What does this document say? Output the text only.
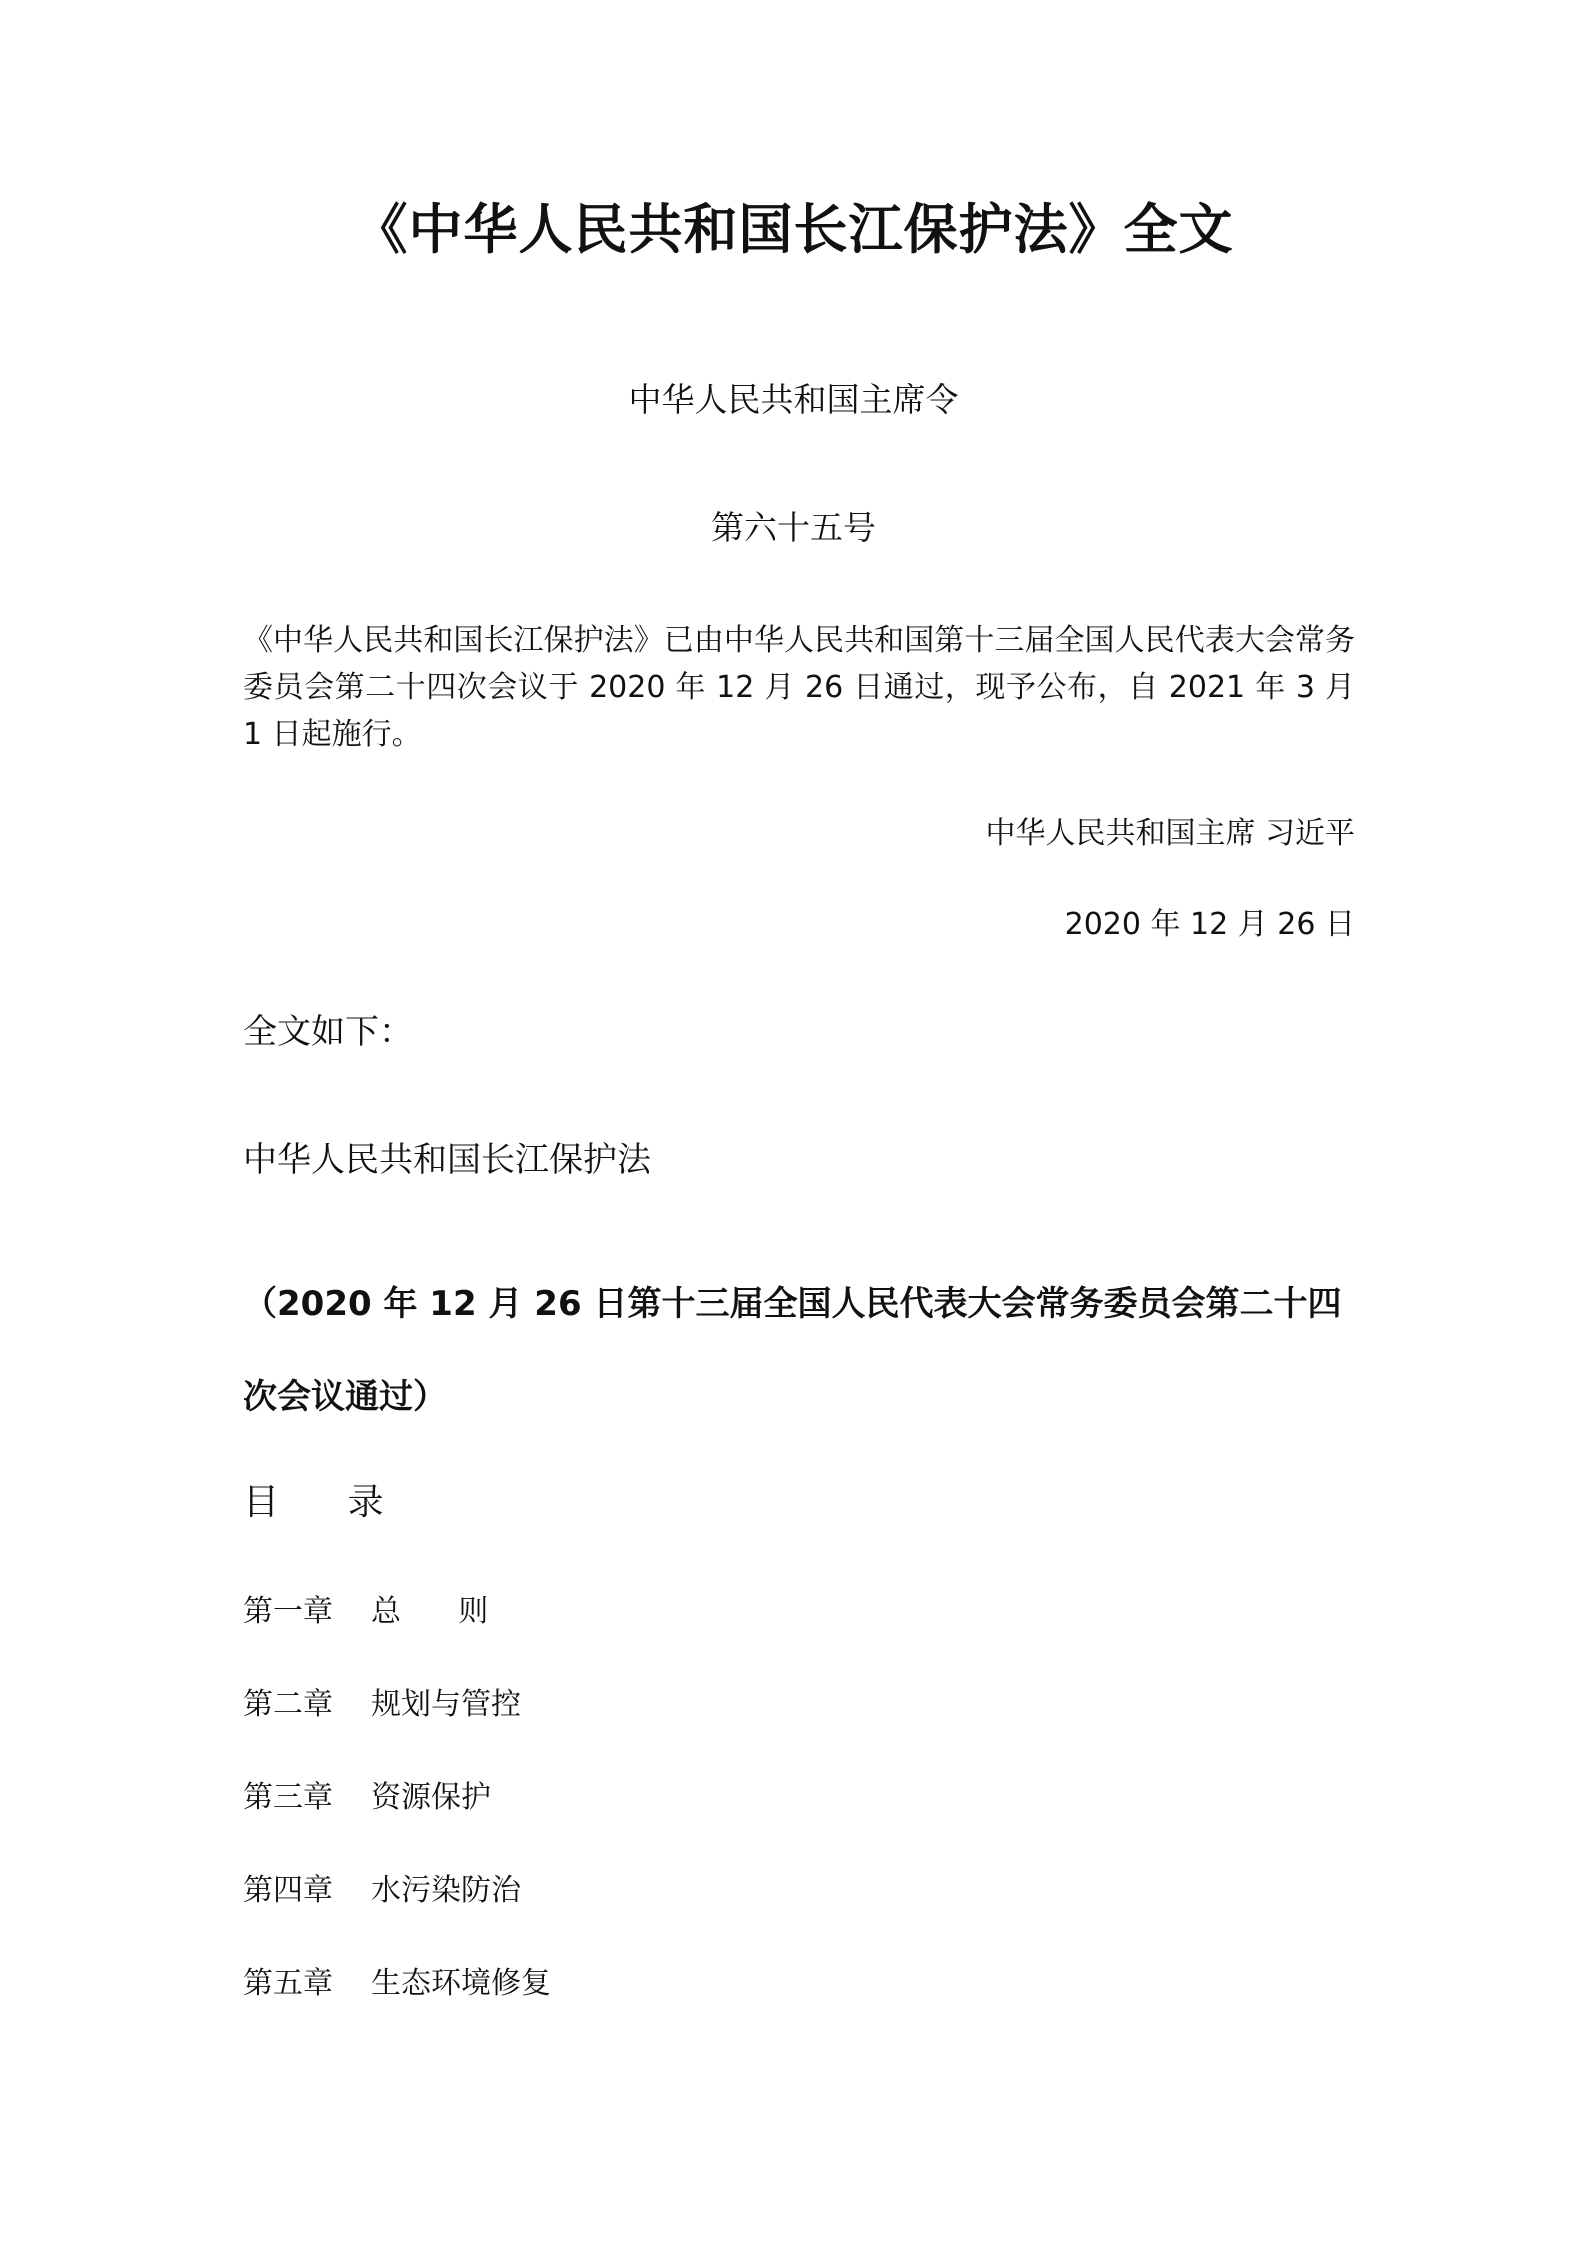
《中华人民共和国长江保护法》全文
中华人民共和国主席令
第六十五号
《中华人民共和国长江保护法》已由中华人民共和国第十三届全国人民代表大会常务委员会第二十四次会议于 2020 年 12 月 26 日通过，现予公布，自 2021 年 3 月 1 日起施行。
中华人民共和国主席 习近平
2020 年 12 月 26 日
全文如下：
中华人民共和国长江保护法
（2020 年 12 月 26 日第十三届全国人民代表大会常务委员会第二十四次会议通过）
目      录
第一章 总      则
第二章 规划与管控
第三章 资源保护
第四章 水污染防治
第五章 生态环境修复
